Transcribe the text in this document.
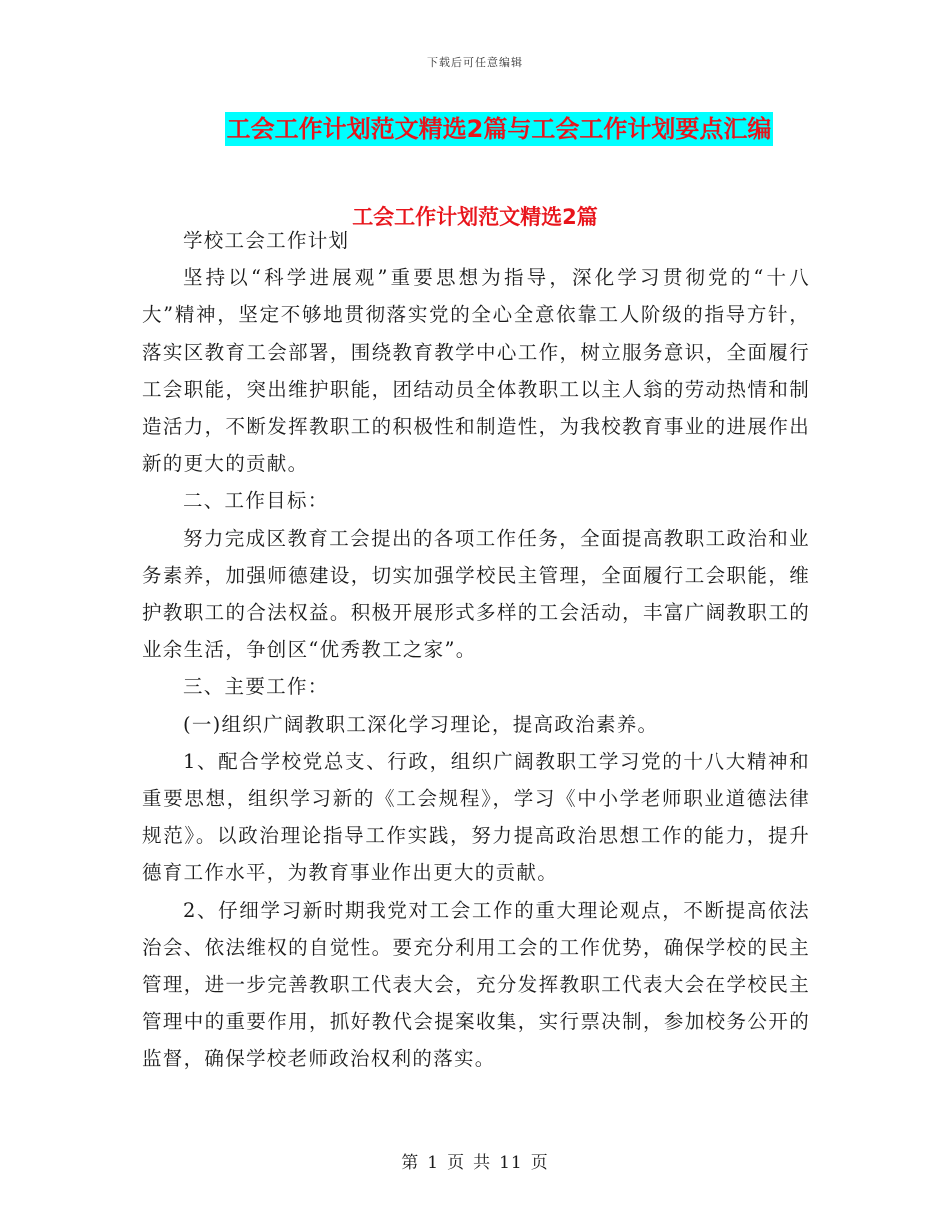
下载后可任意编辑
工会工作计划范文精选2篇与工会工作计划要点汇编
工会工作计划范文精选2篇

学校工会工作计划

坚持以“科学进展观”重要思想为指导，深化学习贯彻党的“十八大”精神，坚定不够地贯彻落实党的全心全意依靠工人阶级的指导方针，落实区教育工会部署，围绕教育教学中心工作，树立服务意识，全面履行工会职能，突出维护职能，团结动员全体教职工以主人翁的劳动热情和制造活力，不断发挥教职工的积极性和制造性，为我校教育事业的进展作出新的更大的贡献。

二、工作目标：

努力完成区教育工会提出的各项工作任务，全面提高教职工政治和业务素养，加强师德建设，切实加强学校民主管理，全面履行工会职能，维护教职工的合法权益。积极开展形式多样的工会活动，丰富广阔教职工的业余生活，争创区“优秀教工之家”。

三、主要工作：

(一)组织广阔教职工深化学习理论，提高政治素养。

1、配合学校党总支、行政，组织广阔教职工学习党的十八大精神和重要思想，组织学习新的《工会规程》，学习《中小学老师职业道德法律规范》。以政治理论指导工作实践，努力提高政治思想工作的能力，提升德育工作水平，为教育事业作出更大的贡献。

2、仔细学习新时期我党对工会工作的重大理论观点，不断提高依法治会、依法维权的自觉性。要充分利用工会的工作优势，确保学校的民主管理，进一步完善教职工代表大会，充分发挥教职工代表大会在学校民主管理中的重要作用，抓好教代会提案收集，实行票决制，参加校务公开的监督，确保学校老师政治权利的落实。

第 1 页 共 11 页
